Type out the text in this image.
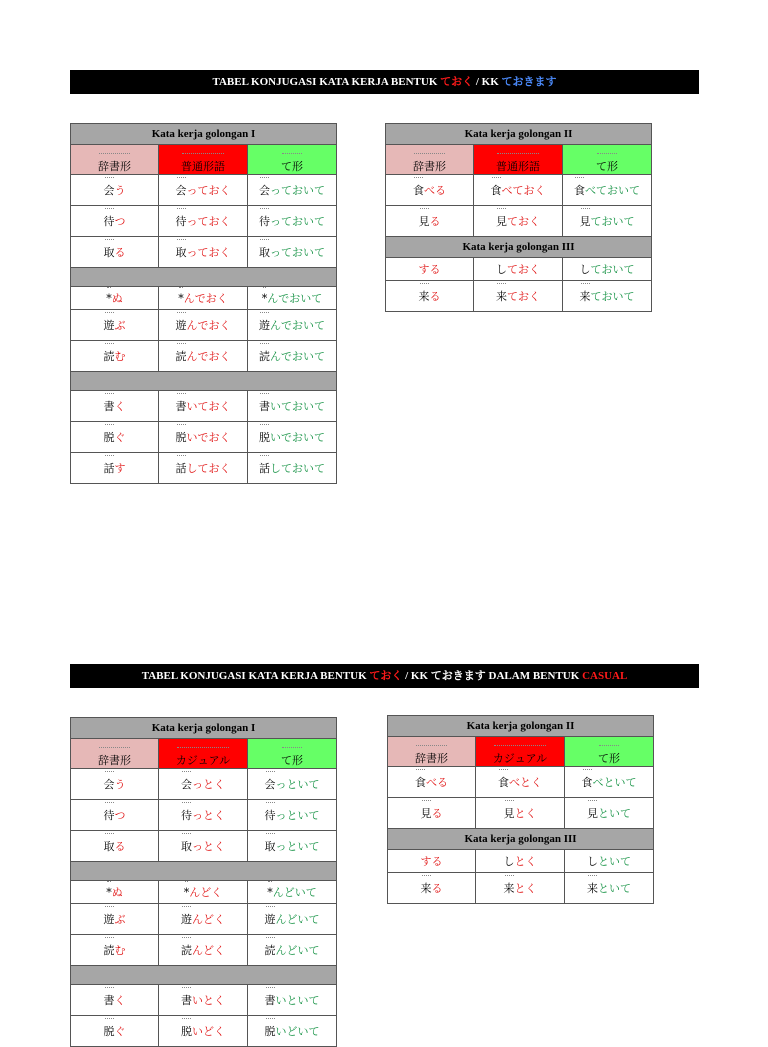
TABEL KONJUGASI KATA KERJA BENTUK ておく / KK ておきます
Kata kerja golongan I		
辞書形	普通形語	て形
会う	会っておく	会っておいて
待つ	待っておく	待っておいて
取る	取っておく	取っておいて

*ぬ	*んでおく	*んでおいて
遊ぶ	遊んでおく	遊んでおいて
読む	読んでおく	読んでおいて

書く	書いておく	書いておいて
脱ぐ	脱いでおく	脱いでおいて
話す	話しておく	話しておいて
Kata kerja golongan II		
辞書形	普通形語	て形
食べる	食べておく	食べておいて
見る	見ておく	見ておいて
Kata kerja golongan III		
する	しておく	しておいて
来る	来ておく	来ておいて
TABEL KONJUGASI KATA KERJA BENTUK ておく / KK ておきます DALAM BENTUK CASUAL
Kata kerja golongan I		
辞書形	カジュアル	て形
会う	会っとく	会っといて
待つ	待っとく	待っといて
取る	取っとく	取っといて

*ぬ	*んどく	*んどいて
遊ぶ	遊んどく	遊んどいて
読む	読んどく	読んどいて

書く	書いとく	書いといて
脱ぐ	脱いどく	脱いどいて
Kata kerja golongan II		
辞書形	カジュアル	て形
食べる	食べとく	食べといて
見る	見とく	見といて
Kata kerja golongan III		
する	しとく	しといて
来る	来とく	来といて
